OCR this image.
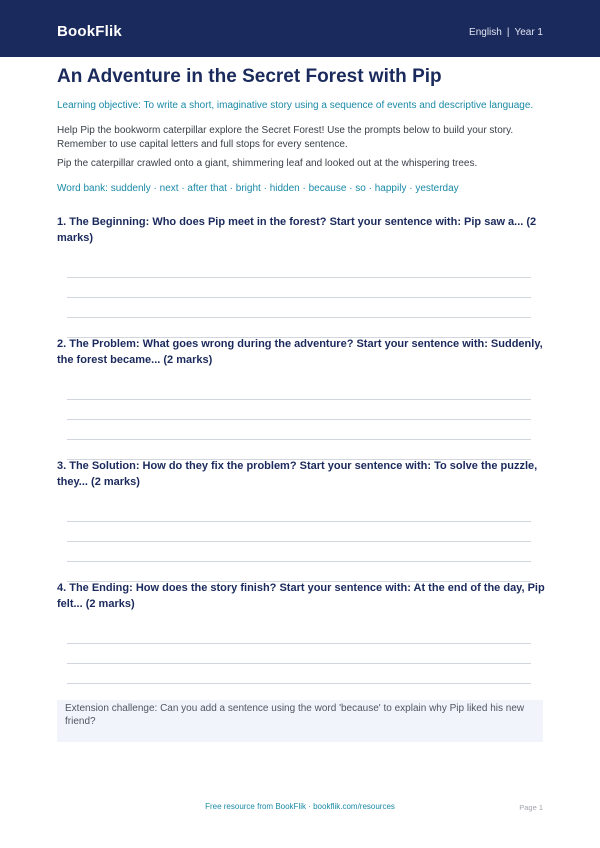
BookFlik	English | Year 1
An Adventure in the Secret Forest with Pip
Learning objective: To write a short, imaginative story using a sequence of events and descriptive language.
Help Pip the bookworm caterpillar explore the Secret Forest! Use the prompts below to build your story. Remember to use capital letters and full stops for every sentence.
Pip the caterpillar crawled onto a giant, shimmering leaf and looked out at the whispering trees.
Word bank: suddenly · next · after that · bright · hidden · because · so · happily · yesterday
1. The Beginning: Who does Pip meet in the forest? Start your sentence with: Pip saw a... (2 marks)
2. The Problem: What goes wrong during the adventure? Start your sentence with: Suddenly, the forest became... (2 marks)
3. The Solution: How do they fix the problem? Start your sentence with: To solve the puzzle, they... (2 marks)
4. The Ending: How does the story finish? Start your sentence with: At the end of the day, Pip felt... (2 marks)
Extension challenge: Can you add a sentence using the word 'because' to explain why Pip liked his new friend?
Free resource from BookFlik · bookflik.com/resources	Page 1
